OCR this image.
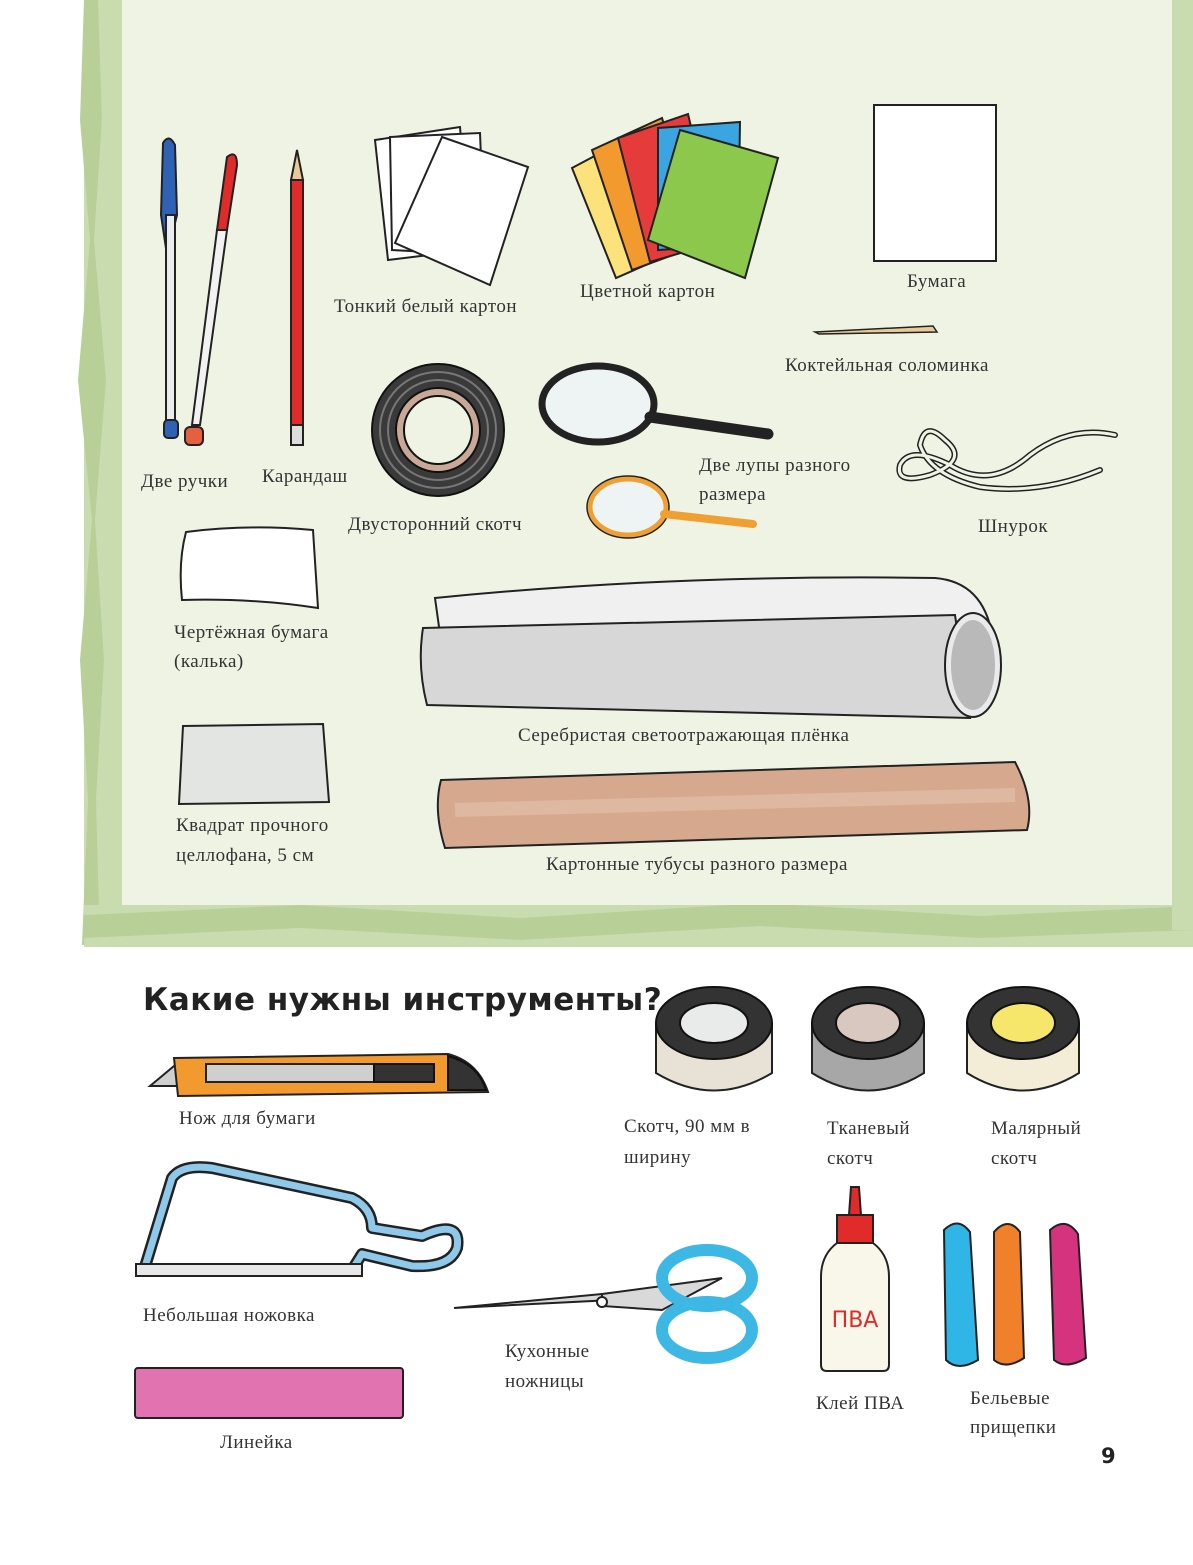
Две ручки Карандаш
Тонкий белый картон
Цветной картон	Бумага
Коктейльная соломинка
Двусторонний скотч
Две лупы разного
размера
Шнурок
Чертёжная бумага
(калька)
Серебристая светоотражающая плёнка
Квадрат прочного
целлофана, 5 см	Картонные тубусы разного размера
Какие нужны инструменты?
Нож для бумаги
Небольшая ножовка
Линейка
Кухонные
ножницы
Скотч, 90 мм в
ширину
Тканевый
скотч
Малярный
скотч
ПВА
Клей ПВА	Бельевые
прищепки
9
